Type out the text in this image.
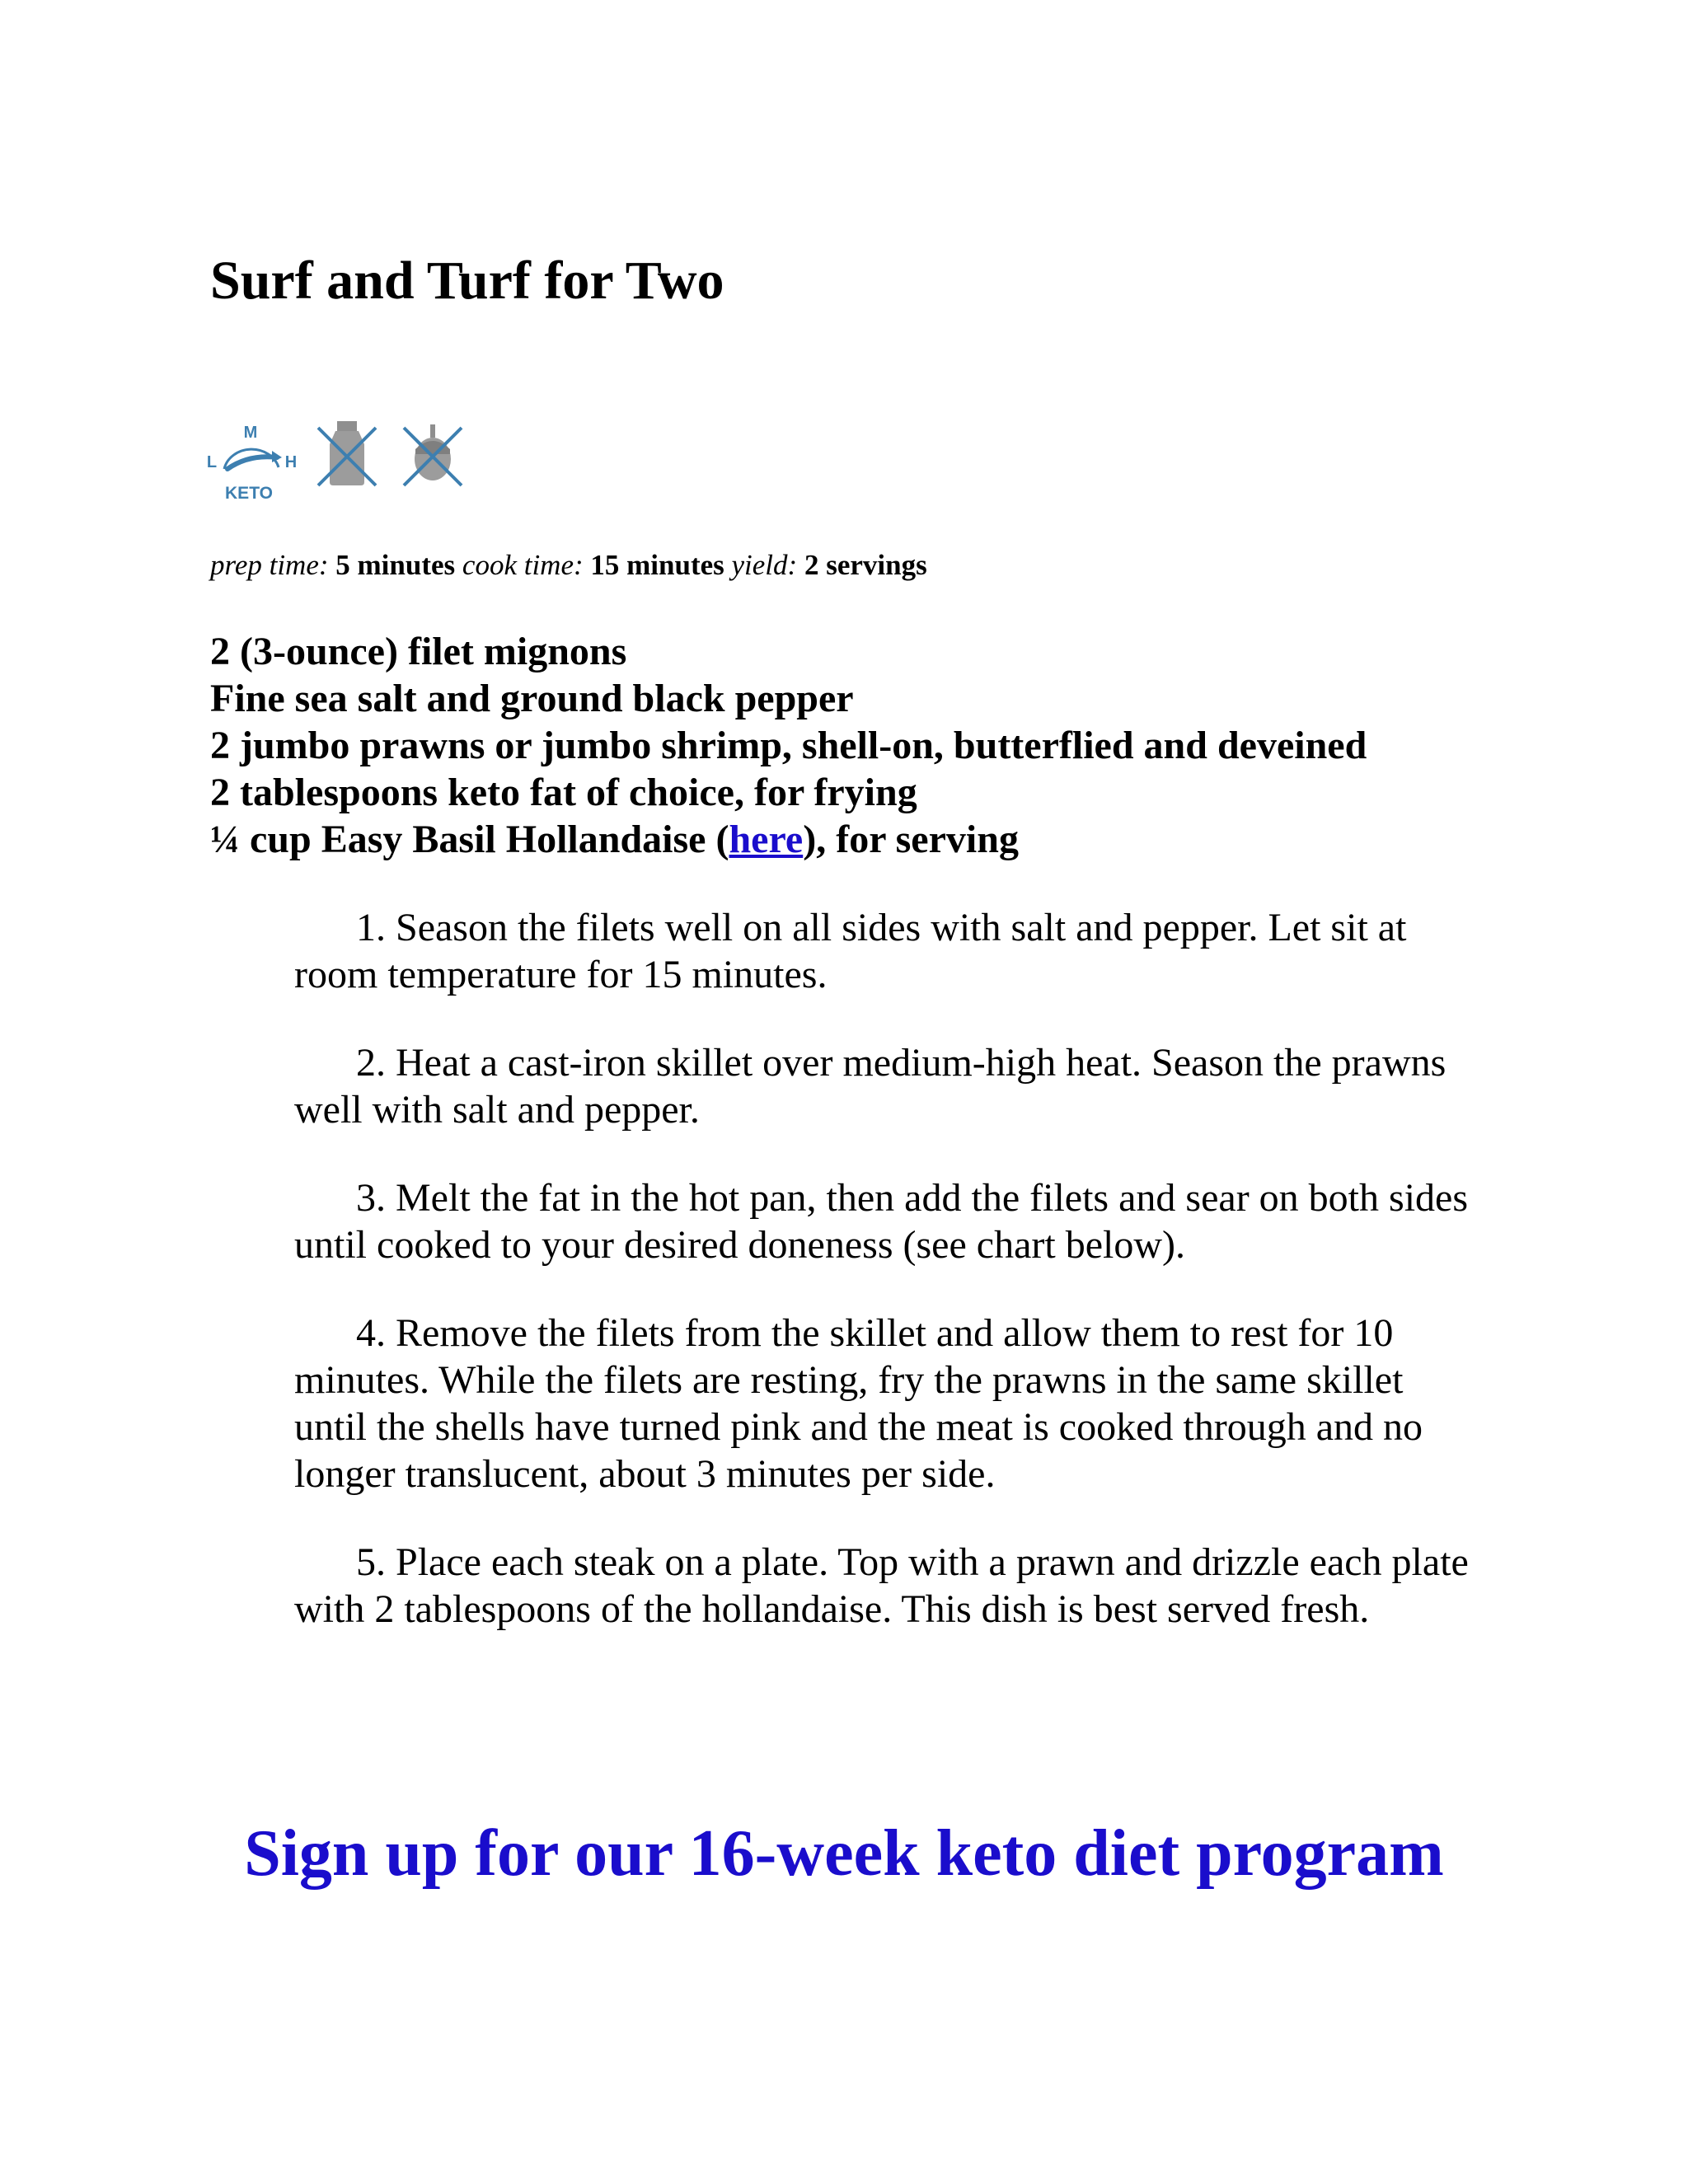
Surf and Turf for Two
M
L	H
KETO
prep time: 5 minutes cook time: 15 minutes yield: 2 servings
2 (3-ounce) filet mignons
Fine sea salt and ground black pepper
2 jumbo prawns or jumbo shrimp, shell-on, butterflied and deveined
2 tablespoons keto fat of choice, for frying
¼ cup Easy Basil Hollandaise (here), for serving
1. Season the filets well on all sides with salt and pepper. Let sit at room temperature for 15 minutes.
2. Heat a cast-iron skillet over medium-high heat. Season the prawns well with salt and pepper.
3. Melt the fat in the hot pan, then add the filets and sear on both sides until cooked to your desired doneness (see chart below).
4. Remove the filets from the skillet and allow them to rest for 10 minutes. While the filets are resting, fry the prawns in the same skillet until the shells have turned pink and the meat is cooked through and no longer translucent, about 3 minutes per side.
5. Place each steak on a plate. Top with a prawn and drizzle each plate with 2 tablespoons of the hollandaise. This dish is best served fresh.
Sign up for our 16-week keto diet program
